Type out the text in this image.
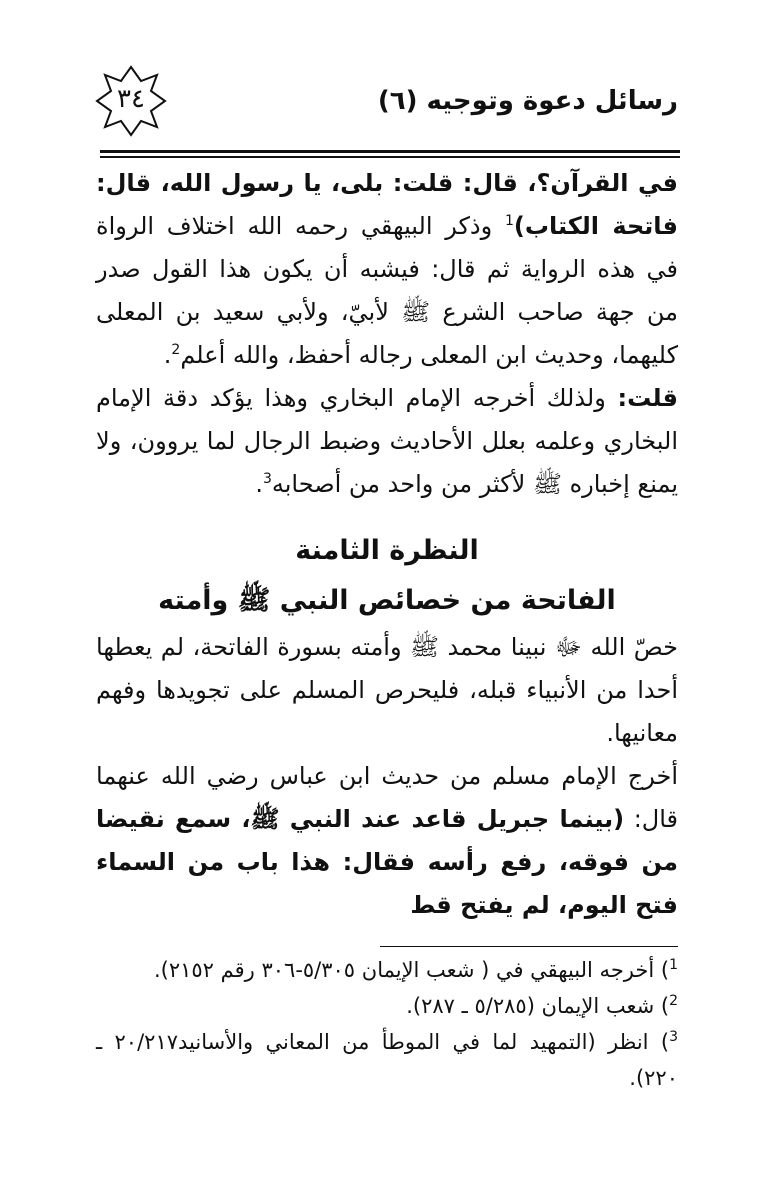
٣٤	رسائل دعوة وتوجيه (٦)

في القرآن؟، قال: قلت: بلى، يا رسول الله، قال: فاتحة الكتاب)$^1$ وذكر البيهقي رحمه الله اختلاف الرواة في هذه الرواية ثم قال: فيشبه أن يكون هذا القول صدر من جهة صاحب الشرع ﷺ لأبيّ، ولأبي سعيد بن المعلى كليهما، وحديث ابن المعلى رجاله أحفظ، والله أعلم$^2$.

قلت: ولذلك أخرجه الإمام البخاري وهذا يؤكد دقة الإمام البخاري وعلمه بعلل الأحاديث وضبط الرجال لما يروون، ولا يمنع إخباره ﷺ لأكثر من واحد من أصحابه$^3$.

النظرة الثامنة
الفاتحة من خصائص النبي ﷺ وأمته

خصّ الله ﷻ نبينا محمد ﷺ وأمته بسورة الفاتحة، لم يعطها أحدا من الأنبياء قبله، فليحرص المسلم على تجويدها وفهم معانيها.

أخرج الإمام مسلم من حديث ابن عباس رضي الله عنهما قال: (بينما جبريل قاعد عند النبي ﷺ، سمع نقيضا من فوقه، رفع رأسه فقال: هذا باب من السماء فتح اليوم، لم يفتح قط

$^1$) أخرجه البيهقي في ( شعب الإيمان ٥/٣٠٥-٣٠٦ رقم ٢١٥٢).

$^2$) شعب الإيمان (٥/٢٨٥ ـ ٢٨٧).

$^3$) انظر (التمهيد لما في الموطأ من المعاني والأسانيد٢٠/٢١٧ ـ ٢٢٠).
